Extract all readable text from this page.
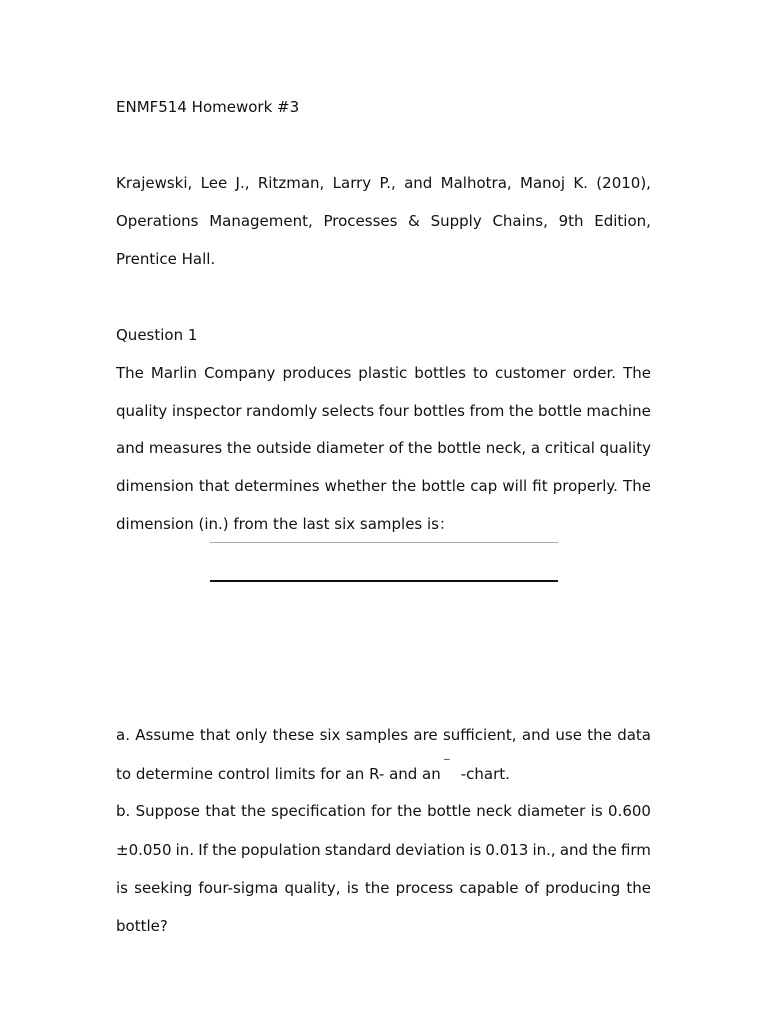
ENMF514 Homework #3
Krajewski, Lee J., Ritzman, Larry P., and Malhotra, Manoj K. (2010),
Operations Management, Processes & Supply Chains, 9th Edition,
Prentice Hall.
Question 1
The Marlin Company produces plastic bottles to customer order. The
quality inspector randomly selects four bottles from the bottle machine
and measures the outside diameter of the bottle neck, a critical quality
dimension that determines whether the bottle cap will fit properly. The
dimension (in.) from the last six samples is：
a. Assume that only these six samples are sufficient, and use the data
to determine control limits for an R- and an -chart.
‾
b. Suppose that the specification for the bottle neck diameter is 0.600
±0.050 in. If the population standard deviation is 0.013 in., and the firm
is seeking four-sigma quality, is the process capable of producing the
bottle?
